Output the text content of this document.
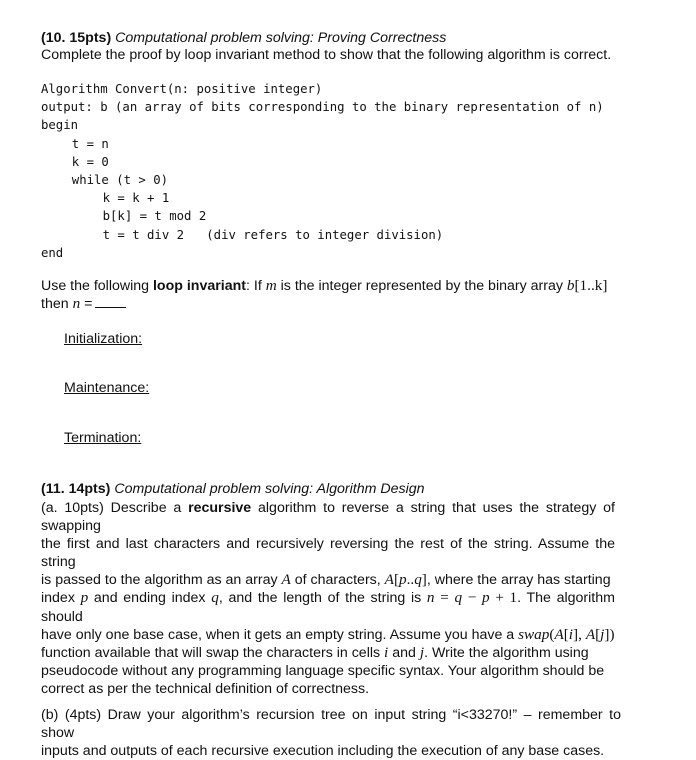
(10. 15pts) Computational problem solving: Proving Correctness
Complete the proof by loop invariant method to show that the following algorithm is correct.
Algorithm Convert(n: positive integer)
output: b (an array of bits corresponding to the binary representation of n)
begin
t = n
k = 0
while (t > 0)
k = k + 1
b[k] = t mod 2
t = t div 2   (div refers to integer division)
end
Use the following loop invariant: If m is the integer represented by the binary array b[1..k]
then n =
Initialization:
Maintenance:
Termination:
(11. 14pts) Computational problem solving: Algorithm Design
(a. 10pts) Describe a recursive algorithm to reverse a string that uses the strategy of swapping
the first and last characters and recursively reversing the rest of the string. Assume the string
is passed to the algorithm as an array A of characters, A[p..q], where the array has starting
index p and ending index q, and the length of the string is n = q − p + 1. The algorithm should
have only one base case, when it gets an empty string. Assume you have a swap(A[i], A[j])
function available that will swap the characters in cells i and j. Write the algorithm using
pseudocode without any programming language specific syntax. Your algorithm should be
correct as per the technical definition of correctness.
(b) (4pts) Draw your algorithm’s recursion tree on input string “i<33270!” – remember to show
inputs and outputs of each recursive execution including the execution of any base cases.
